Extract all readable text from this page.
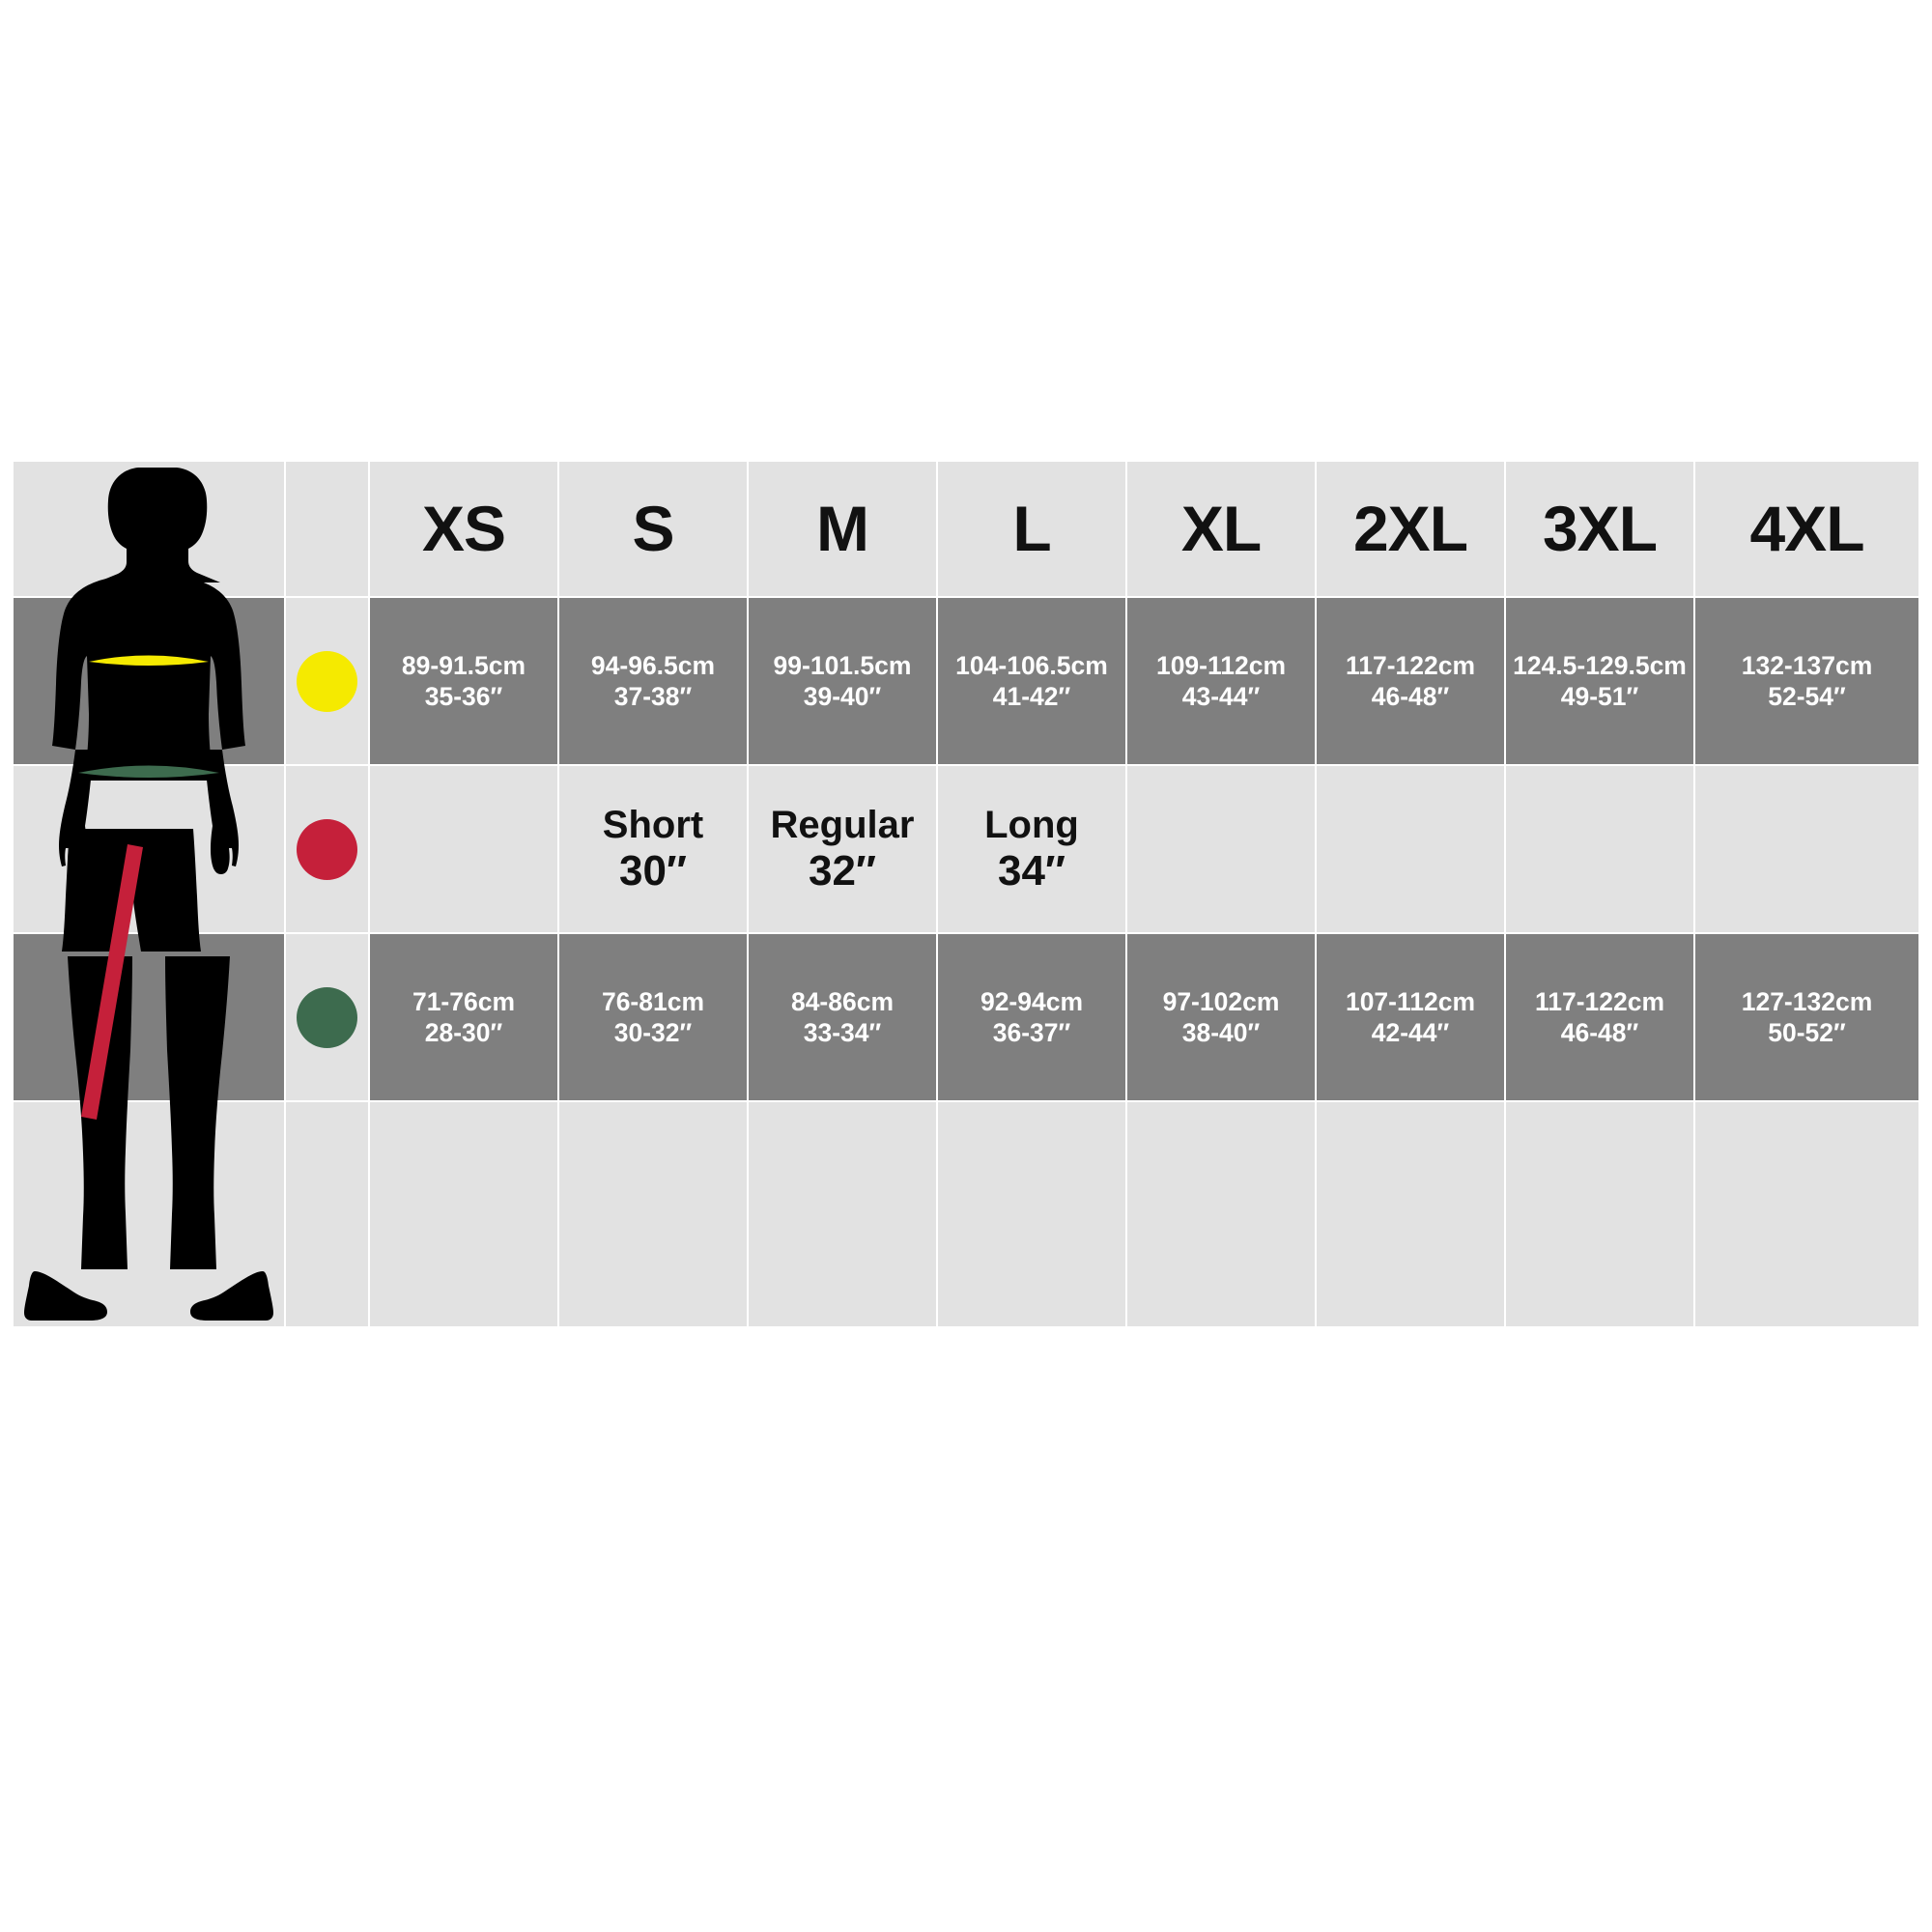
XS S M L XL 2XL 3XL 4XL
89-91.5cm
35-36″
94-96.5cm
37-38″
99-101.5cm
39-40″
104-106.5cm
41-42″
109-112cm
43-44″
117-122cm
46-48″
124.5-129.5cm
49-51″
132-137cm
52-54″
Short
30″
Regular
32″
Long
34″
71-76cm
28-30″
76-81cm
30-32″
84-86cm
33-34″
92-94cm
36-37″
97-102cm
38-40″
107-112cm
42-44″
117-122cm
46-48″
127-132cm
50-52″
